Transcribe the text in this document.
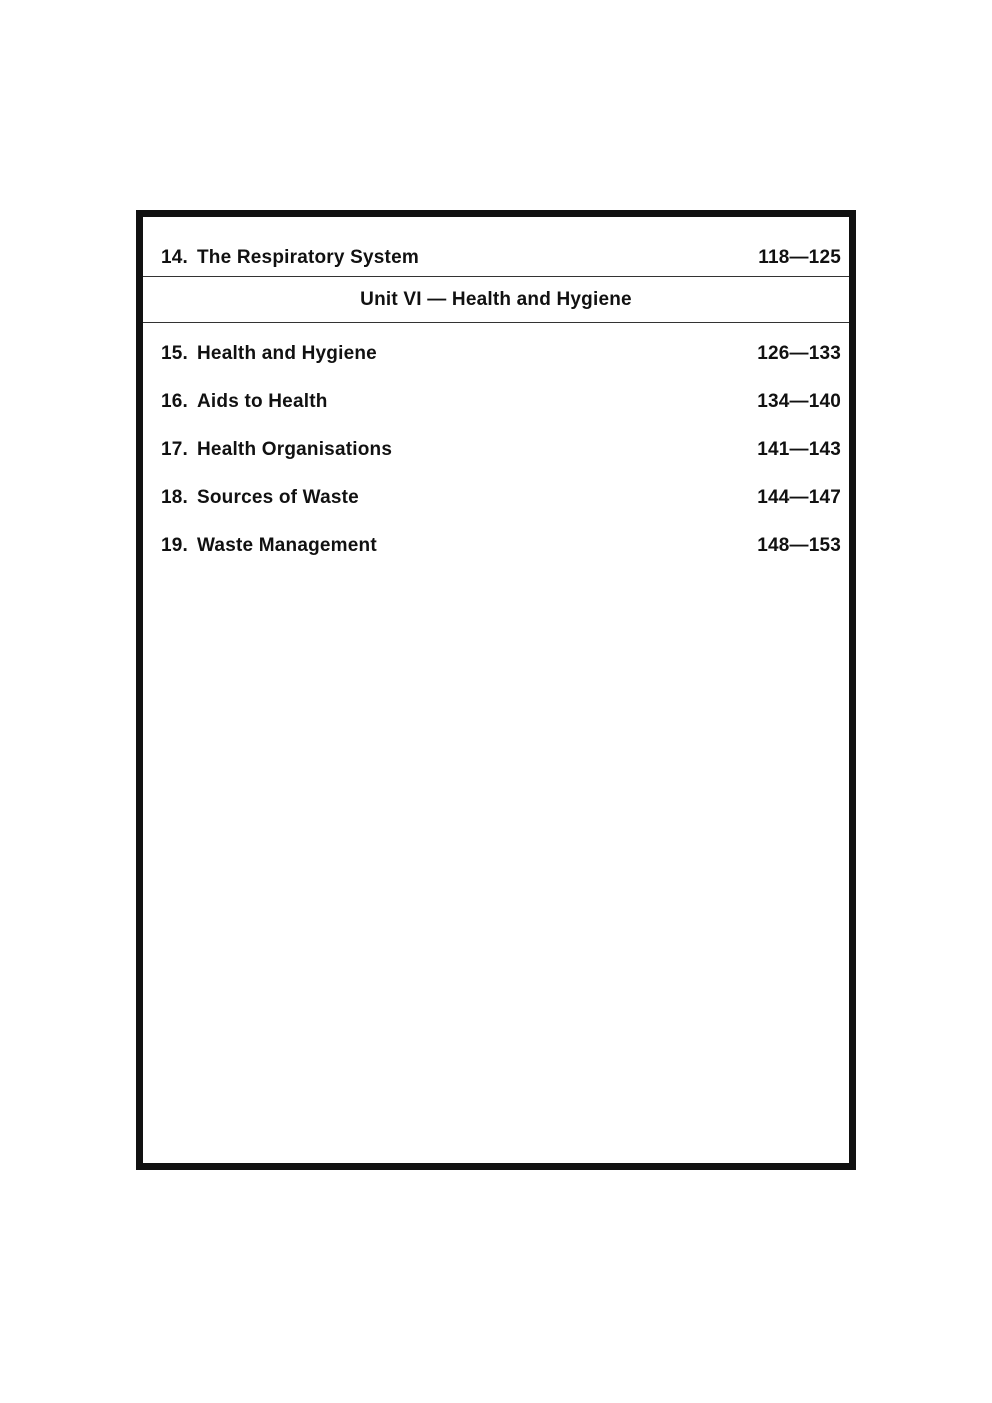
14. The Respiratory System	118—125
Unit VI — Health and Hygiene
15. Health and Hygiene	126—133
16. Aids to Health	134—140
17. Health Organisations	141—143
18. Sources of Waste	144—147
19. Waste Management	148—153
